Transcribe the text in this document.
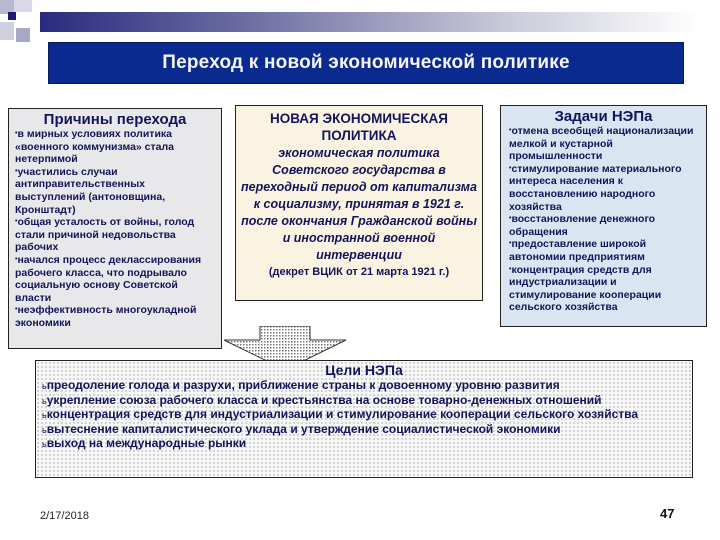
Переход к новой экономической политике
Причины перехода
•в мирных условиях политика «военного коммунизма» стала нетерпимой
•участились случаи антиправительственных выступлений (антоновщина, Кронштадт)
•общая усталость от войны, голод стали причиной недовольства рабочих
•начался процесс деклассирования рабочего класса, что подрывало социальную основу Советской власти
•неэффективность многоукладной экономики
НОВАЯ ЭКОНОМИЧЕСКАЯ ПОЛИТИКА
экономическая политика Советского государства в переходный период от капитализма к социализму, принятая в 1921 г. после окончания Гражданской войны и иностранной военной интервенции
(декрет ВЦИК от 21 марта 1921 г.)
Задачи НЭПа
•отмена всеобщей национализации мелкой и кустарной промышленности
•стимулирование материального интереса населения к восстановлению народного хозяйства
•восстановление денежного обращения
•предоставление широкой автономии предприятиям
•концентрация средств для индустриализации и стимулирование кооперации сельского хозяйства
Цели НЭПа
ьпреодоление голода и разрухи, приближение страны к довоенному уровню развития
ьукрепление союза рабочего класса и крестьянства на основе товарно-денежных отношений
ьконцентрация средств для индустриализации и стимулирование кооперации сельского хозяйства
ьвытеснение капиталистического уклада и утверждение социалистической экономики
ьвыход на международные рынки
2/17/2018	47
